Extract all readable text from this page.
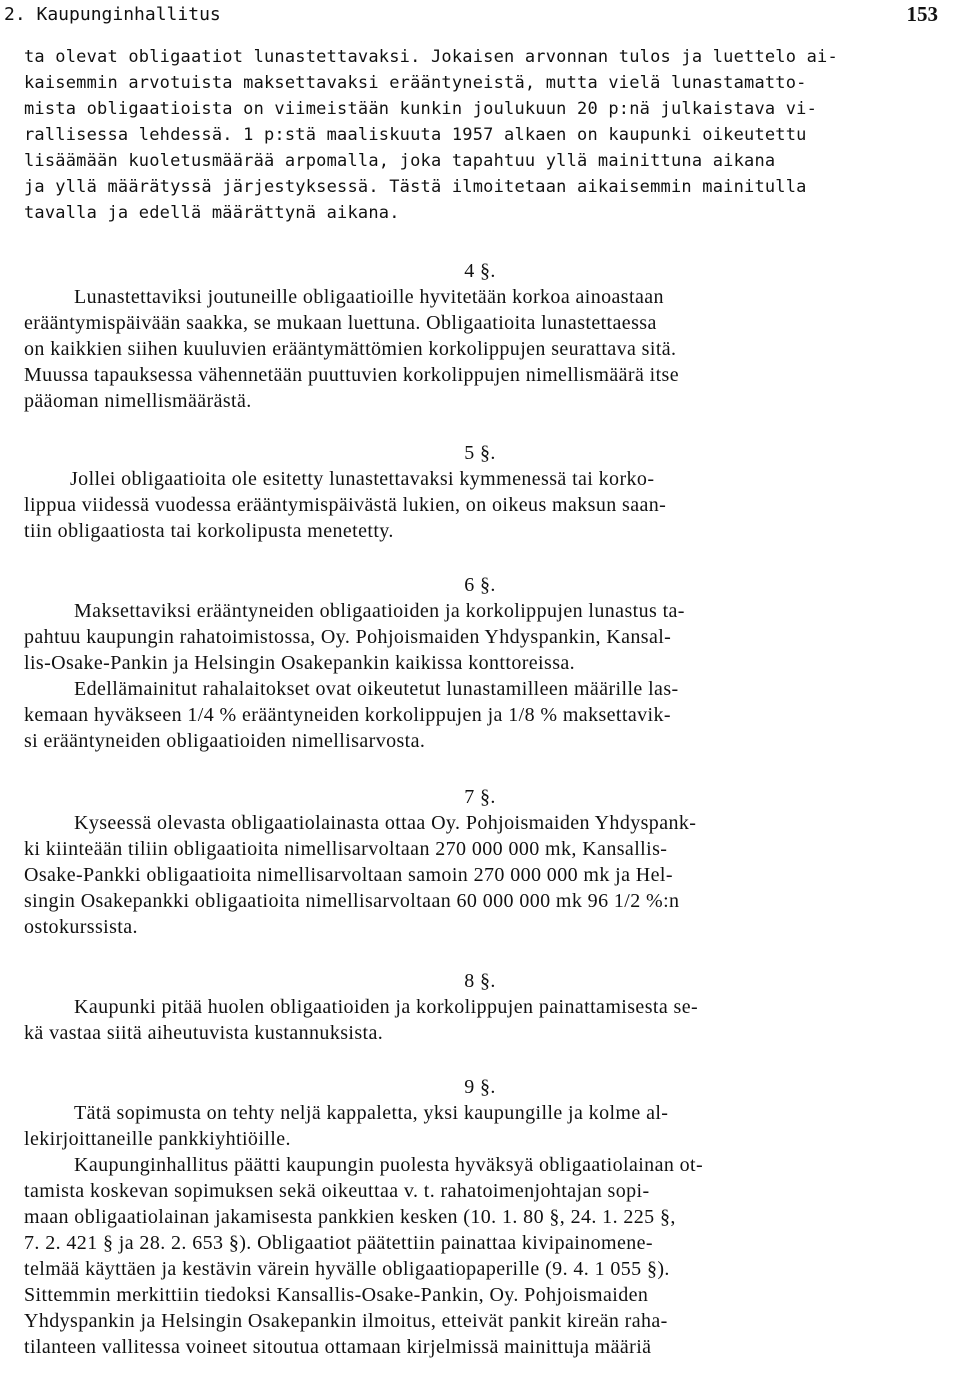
2. Kaupunginhallitus	153
ta olevat obligaatiot lunastettavaksi. Jokaisen arvonnan tulos ja luettelo ai-
kaisemmin arvotuista maksettavaksi erääntyneistä, mutta vielä lunastamatto-
mista obligaatioista on viimeistään kunkin joulukuun 20 p:nä julkaistava vi-
rallisessa lehdessä. 1 p:stä maaliskuuta 1957 alkaen on kaupunki oikeutettu
lisäämään kuoletusmäärää arpomalla, joka tapahtuu yllä mainittuna aikana
ja yllä määrätyssä järjestyksessä. Tästä ilmoitetaan aikaisemmin mainitulla
tavalla ja edellä määrättynä aikana.
4 §.
Lunastettaviksi joutuneille obligaatioille hyvitetään korkoa ainoastaan
erääntymispäivään saakka, se mukaan luettuna. Obligaatioita lunastettaessa
on kaikkien siihen kuuluvien erääntymättömien korkolippujen seurattava sitä.
Muussa tapauksessa vähennetään puuttuvien korkolippujen nimellismäärä itse
pääoman nimellismäärästä.
5 §.
Jollei obligaatioita ole esitetty lunastettavaksi kymmenessä tai korko-
lippua viidessä vuodessa erääntymispäivästä lukien, on oikeus maksun saan-
tiin obligaatiosta tai korkolipusta menetetty.
6 §.
Maksettaviksi erääntyneiden obligaatioiden ja korkolippujen lunastus ta-
pahtuu kaupungin rahatoimistossa, Oy. Pohjoismaiden Yhdyspankin, Kansal-
lis-Osake-Pankin ja Helsingin Osakepankin kaikissa konttoreissa.
Edellämainitut rahalaitokset ovat oikeutetut lunastamilleen määrille las-
kemaan hyväkseen 1/4 % erääntyneiden korkolippujen ja 1/8 % maksettavik-
si erääntyneiden obligaatioiden nimellisarvosta.
7 §.
Kyseessä olevasta obligaatiolainasta ottaa Oy. Pohjoismaiden Yhdyspank-
ki kiinteään tiliin obligaatioita nimellisarvoltaan 270 000 000 mk, Kansallis-
Osake-Pankki obligaatioita nimellisarvoltaan samoin 270 000 000 mk ja Hel-
singin Osakepankki obligaatioita nimellisarvoltaan 60 000 000 mk 96 1/2 %:n
ostokurssista.
8 §.
Kaupunki pitää huolen obligaatioiden ja korkolippujen painattamisesta se-
kä vastaa siitä aiheutuvista kustannuksista.
9 §.
Tätä sopimusta on tehty neljä kappaletta, yksi kaupungille ja kolme al-
lekirjoittaneille pankkiyhtiöille.
Kaupunginhallitus päätti kaupungin puolesta hyväksyä obligaatiolainan ot-
tamista koskevan sopimuksen sekä oikeuttaa v. t. rahatoimenjohtajan sopi-
maan obligaatiolainan jakamisesta pankkien kesken (10. 1. 80 §, 24. 1. 225 §,
7. 2. 421 § ja 28. 2. 653 §). Obligaatiot päätettiin painattaa kivipainomene-
telmää käyttäen ja kestävin värein hyvälle obligaatiopaperille (9. 4. 1 055 §).
Sittemmin merkittiin tiedoksi Kansallis-Osake-Pankin, Oy. Pohjoismaiden
Yhdyspankin ja Helsingin Osakepankin ilmoitus, etteivät pankit kireän raha-
tilanteen vallitessa voineet sitoutua ottamaan kirjelmissä mainittuja määriä
